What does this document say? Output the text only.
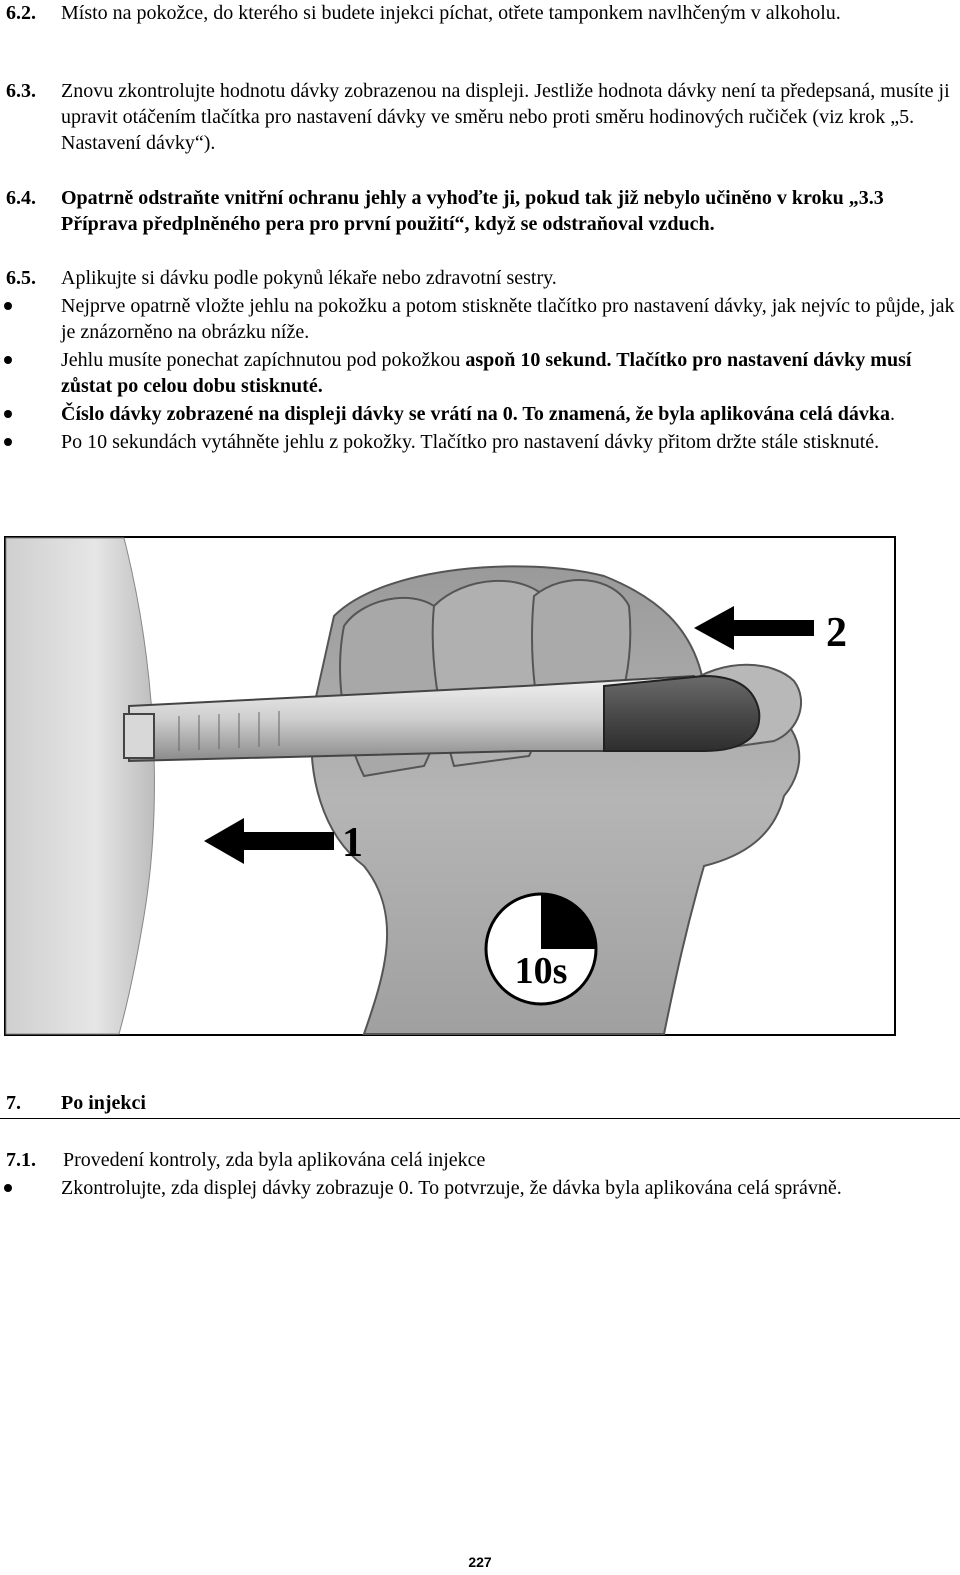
6.2. Místo na pokožce, do kterého si budete injekci píchat, otřete tamponkem navlhčeným v alkoholu.
6.3. Znovu zkontrolujte hodnotu dávky zobrazenou na displeji. Jestliže hodnota dávky není ta předepsaná, musíte ji upravit otáčením tlačítka pro nastavení dávky ve směru nebo proti směru hodinových ručiček (viz krok „5. Nastavení dávky“).
6.4. Opatrně odstraňte vnitřní ochranu jehly a vyhoďte ji, pokud tak již nebylo učiněno v kroku „3.3 Příprava předplněného pera pro první použití“, když se odstraňoval vzduch.
6.5. Aplikujte si dávku podle pokynů lékaře nebo zdravotní sestry.
Nejprve opatrně vložte jehlu na pokožku a potom stiskněte tlačítko pro nastavení dávky, jak nejvíc to půjde, jak je znázorněno na obrázku níže.
Jehlu musíte ponechat zapíchnutou pod pokožkou aspoň 10 sekund. Tlačítko pro nastavení dávky musí zůstat po celou dobu stisknuté.
Číslo dávky zobrazené na displeji dávky se vrátí na 0. To znamená, že byla aplikována celá dávka.
Po 10 sekundách vytáhněte jehlu z pokožky. Tlačítko pro nastavení dávky přitom držte stále stisknuté.
2
1
10s
7. Po injekci
7.1. Provedení kontroly, zda byla aplikována celá injekce
Zkontrolujte, zda displej dávky zobrazuje 0. To potvrzuje, že dávka byla aplikována celá správně.
227
